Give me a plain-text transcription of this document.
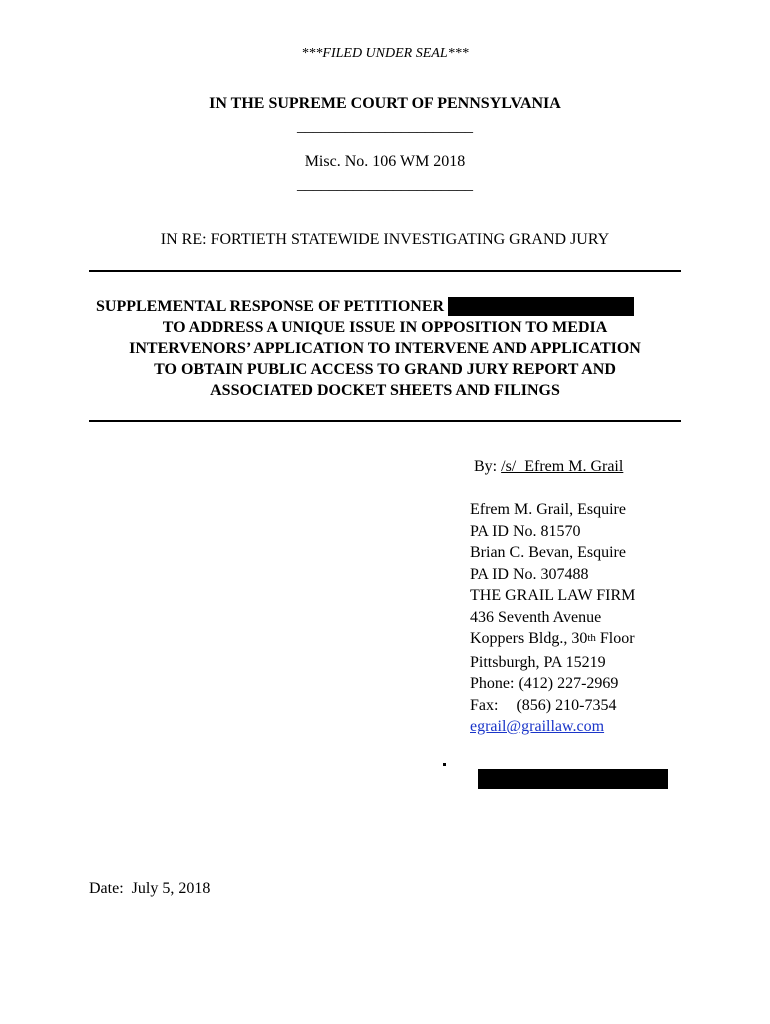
***FILED UNDER SEAL***
IN THE SUPREME COURT OF PENNSYLVANIA
______________________
Misc. No. 106 WM 2018
______________________
IN RE: FORTIETH STATEWIDE INVESTIGATING GRAND JURY
SUPPLEMENTAL RESPONSE OF PETITIONER
TO ADDRESS A UNIQUE ISSUE IN OPPOSITION TO MEDIA
INTERVENORS’ APPLICATION TO INTERVENE AND APPLICATION
TO OBTAIN PUBLIC ACCESS TO GRAND JURY REPORT AND
ASSOCIATED DOCKET SHEETS AND FILINGS
By: /s/_Efrem M. Grail
Efrem M. Grail, Esquire
PA ID No. 81570
Brian C. Bevan, Esquire
PA ID No. 307488
THE GRAIL LAW FIRM
436 Seventh Avenue
Koppers Bldg., 30th Floor
Pittsburgh, PA 15219
Phone: (412) 227-2969
Fax: (856) 210-7354
egrail@graillaw.com
Date:  July 5, 2018
